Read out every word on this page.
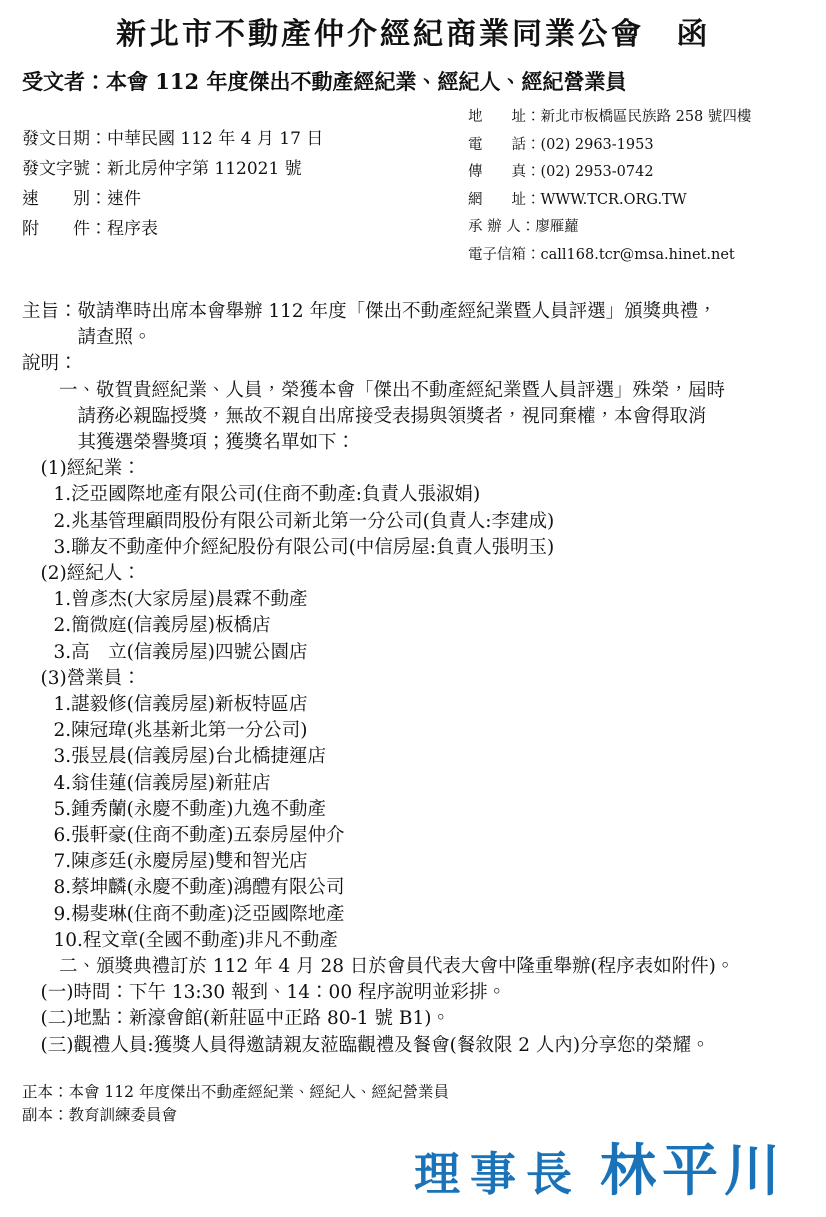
新北市不動產仲介經紀商業同業公會　函
受文者：本會 112 年度傑出不動產經紀業、經紀人、經紀營業員
發文日期：中華民國 112 年 4 月 17 日
發文字號：新北房仲字第 112021 號
速　　別：速件
附　　件：程序表
地　　址：新北市板橋區民族路 258 號四樓
電　　話：(02) 2963-1953
傳　　真：(02) 2953-0742
網　　址：WWW.TCR.ORG.TW
承 辦 人：廖雁蘿
電子信箱：call168.tcr@msa.hinet.net
主旨：敬請準時出席本會舉辦 112 年度「傑出不動產經紀業暨人員評選」頒獎典禮，
請查照。
說明：
一、敬賀貴經紀業、人員，榮獲本會「傑出不動產經紀業暨人員評選」殊榮，屆時
請務必親臨授獎，無故不親自出席接受表揚與領獎者，視同棄權，本會得取消
其獲選榮譽獎項；獲獎名單如下：
(1)經紀業：
1.泛亞國際地產有限公司(住商不動產:負責人張淑娟)
2.兆基管理顧問股份有限公司新北第一分公司(負責人:李建成)
3.聯友不動產仲介經紀股份有限公司(中信房屋:負責人張明玉)
(2)經紀人：
1.曾彥杰(大家房屋)晨霖不動產
2.簡微庭(信義房屋)板橋店
3.高　立(信義房屋)四號公園店
(3)營業員：
1.諶毅修(信義房屋)新板特區店
2.陳冠瑋(兆基新北第一分公司)
3.張昱晨(信義房屋)台北橋捷運店
4.翁佳蓮(信義房屋)新莊店
5.鍾秀蘭(永慶不動產)九逸不動產
6.張軒豪(住商不動產)五泰房屋仲介
7.陳彥廷(永慶房屋)雙和智光店
8.蔡坤麟(永慶不動產)鴻醴有限公司
9.楊斐琳(住商不動產)泛亞國際地產
10.程文章(全國不動產)非凡不動產
二、頒獎典禮訂於 112 年 4 月 28 日於會員代表大會中隆重舉辦(程序表如附件)。
(一)時間：下午 13:30 報到、14：00 程序說明並彩排。
(二)地點：新濠會館(新莊區中正路 80-1 號 B1)。
(三)觀禮人員:獲獎人員得邀請親友蒞臨觀禮及餐會(餐敘限 2 人內)分享您的榮耀。
正本：本會 112 年度傑出不動產經紀業、經紀人、經紀營業員
副本：教育訓練委員會
理事長 林平川
